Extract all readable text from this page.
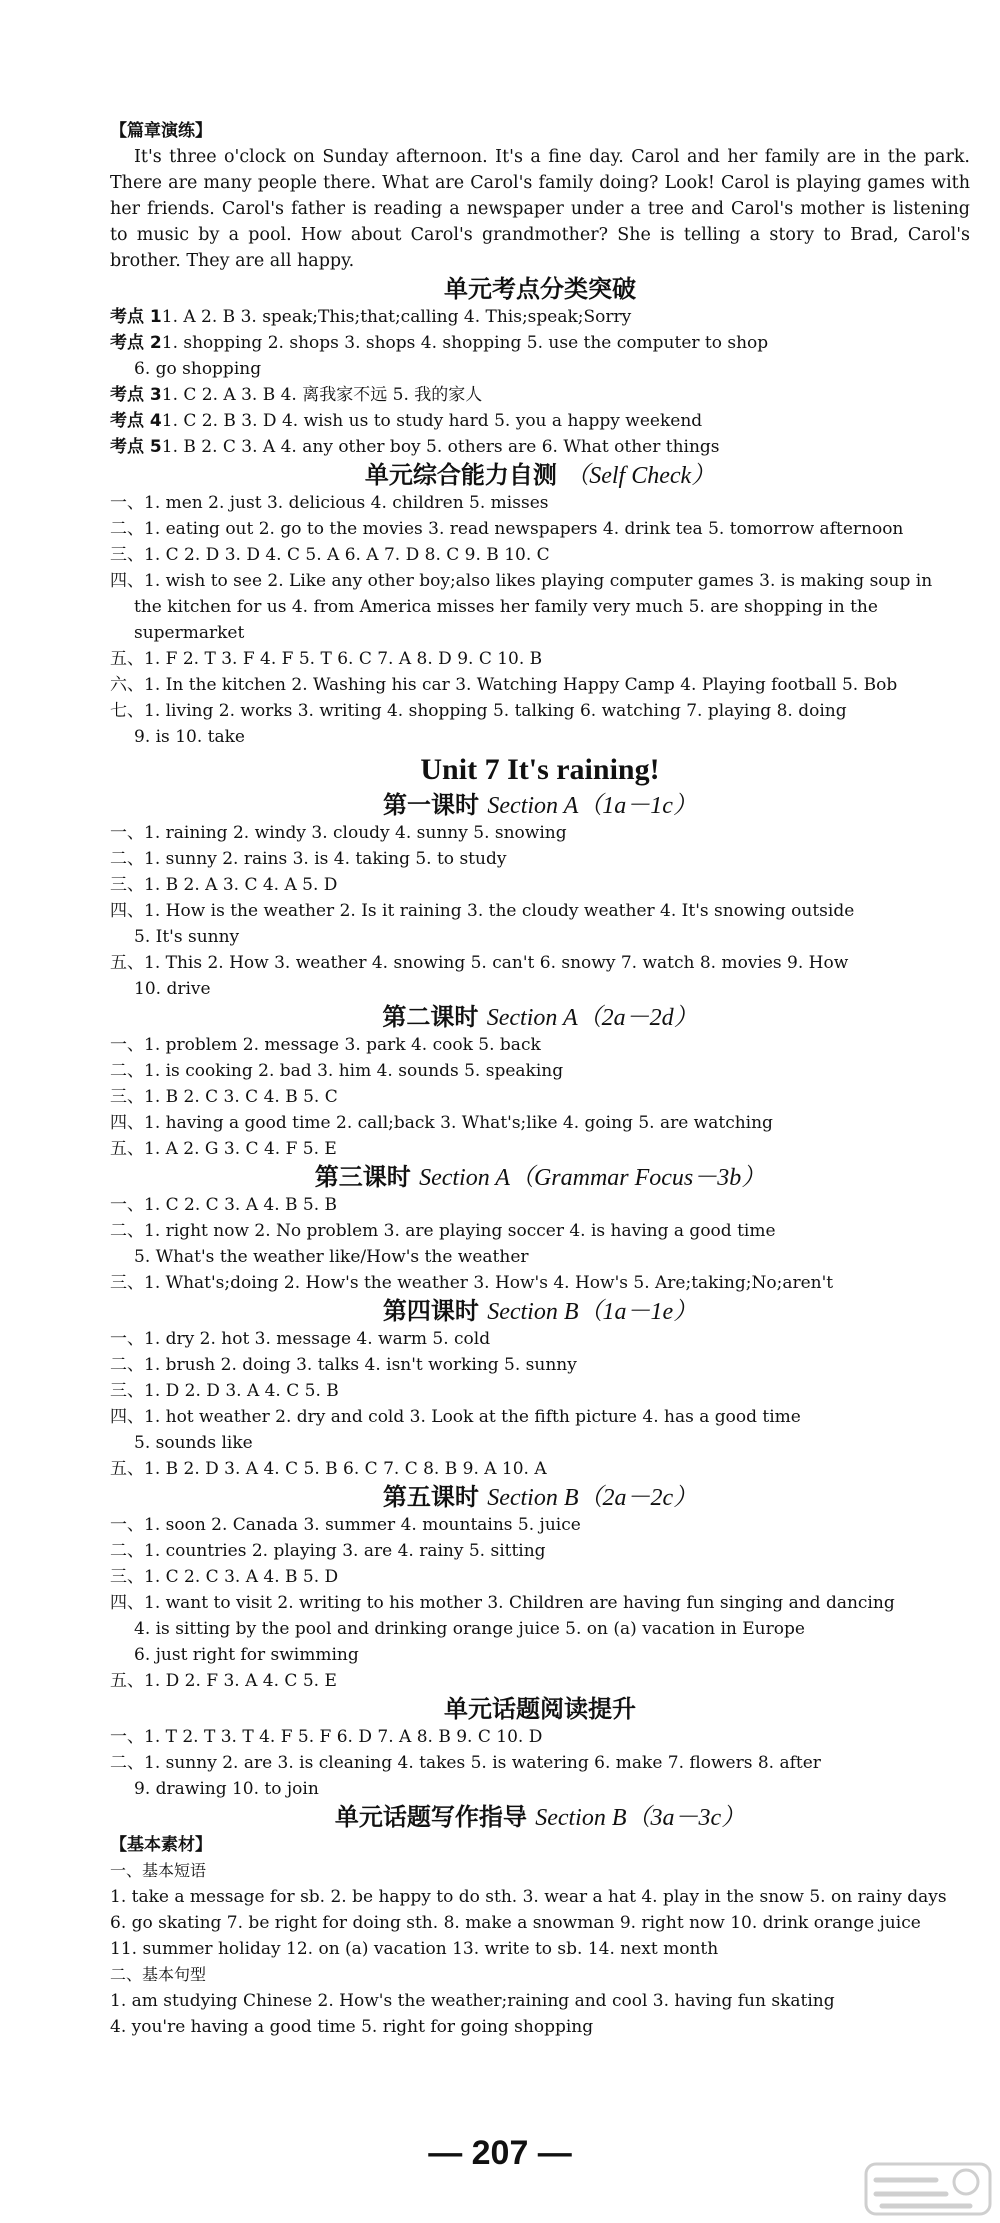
【篇章演练】
It's three o'clock on Sunday afternoon. It's a fine day. Carol and her family are in the park. There are many people there. What are Carol's family doing? Look! Carol is playing games with her friends. Carol's father is reading a newspaper under a tree and Carol's mother is listening to music by a pool. How about Carol's grandmother? She is telling a story to Brad, Carol's brother. They are all happy.
单元考点分类突破
考点 11. A 2. B 3. speak;This;that;calling 4. This;speak;Sorry
考点 21. shopping 2. shops 3. shops 4. shopping 5. use the computer to shop
6. go shopping
考点 31. C 2. A 3. B 4. 离我家不远 5. 我的家人
考点 41. C 2. B 3. D 4. wish us to study hard 5. you a happy weekend
考点 51. B 2. C 3. A 4. any other boy 5. others are 6. What other things
单元综合能力自测 （Self Check）
一、1. men 2. just 3. delicious 4. children 5. misses
二、1. eating out 2. go to the movies 3. read newspapers 4. drink tea 5. tomorrow afternoon
三、1. C 2. D 3. D 4. C 5. A 6. A 7. D 8. C 9. B 10. C
四、1. wish to see 2. Like any other boy;also likes playing computer games 3. is making soup in
the kitchen for us 4. from America misses her family very much 5. are shopping in the
supermarket
五、1. F 2. T 3. F 4. F 5. T 6. C 7. A 8. D 9. C 10. B
六、1. In the kitchen 2. Washing his car 3. Watching Happy Camp 4. Playing football 5. Bob
七、1. living 2. works 3. writing 4. shopping 5. talking 6. watching 7. playing 8. doing
9. is 10. take
Unit 7 It's raining!
第一课时 Section A（1a－1c）
一、1. raining 2. windy 3. cloudy 4. sunny 5. snowing
二、1. sunny 2. rains 3. is 4. taking 5. to study
三、1. B 2. A 3. C 4. A 5. D
四、1. How is the weather 2. Is it raining 3. the cloudy weather 4. It's snowing outside
5. It's sunny
五、1. This 2. How 3. weather 4. snowing 5. can't 6. snowy 7. watch 8. movies 9. How
10. drive
第二课时 Section A（2a－2d）
一、1. problem 2. message 3. park 4. cook 5. back
二、1. is cooking 2. bad 3. him 4. sounds 5. speaking
三、1. B 2. C 3. C 4. B 5. C
四、1. having a good time 2. call;back 3. What's;like 4. going 5. are watching
五、1. A 2. G 3. C 4. F 5. E
第三课时 Section A（Grammar Focus－3b）
一、1. C 2. C 3. A 4. B 5. B
二、1. right now 2. No problem 3. are playing soccer 4. is having a good time
5. What's the weather like/How's the weather
三、1. What's;doing 2. How's the weather 3. How's 4. How's 5. Are;taking;No;aren't
第四课时 Section B（1a－1e）
一、1. dry 2. hot 3. message 4. warm 5. cold
二、1. brush 2. doing 3. talks 4. isn't working 5. sunny
三、1. D 2. D 3. A 4. C 5. B
四、1. hot weather 2. dry and cold 3. Look at the fifth picture 4. has a good time
5. sounds like
五、1. B 2. D 3. A 4. C 5. B 6. C 7. C 8. B 9. A 10. A
第五课时 Section B（2a－2c）
一、1. soon 2. Canada 3. summer 4. mountains 5. juice
二、1. countries 2. playing 3. are 4. rainy 5. sitting
三、1. C 2. C 3. A 4. B 5. D
四、1. want to visit 2. writing to his mother 3. Children are having fun singing and dancing
4. is sitting by the pool and drinking orange juice 5. on (a) vacation in Europe
6. just right for swimming
五、1. D 2. F 3. A 4. C 5. E
单元话题阅读提升
一、1. T 2. T 3. T 4. F 5. F 6. D 7. A 8. B 9. C 10. D
二、1. sunny 2. are 3. is cleaning 4. takes 5. is watering 6. make 7. flowers 8. after
9. drawing 10. to join
单元话题写作指导 Section B（3a－3c）
【基本素材】
一、基本短语
1. take a message for sb. 2. be happy to do sth. 3. wear a hat 4. play in the snow 5. on rainy days
6. go skating 7. be right for doing sth. 8. make a snowman 9. right now 10. drink orange juice
11. summer holiday 12. on (a) vacation 13. write to sb. 14. next month
二、基本句型
1. am studying Chinese 2. How's the weather;raining and cool 3. having fun skating
4. you're having a good time 5. right for going shopping
— 207 —
